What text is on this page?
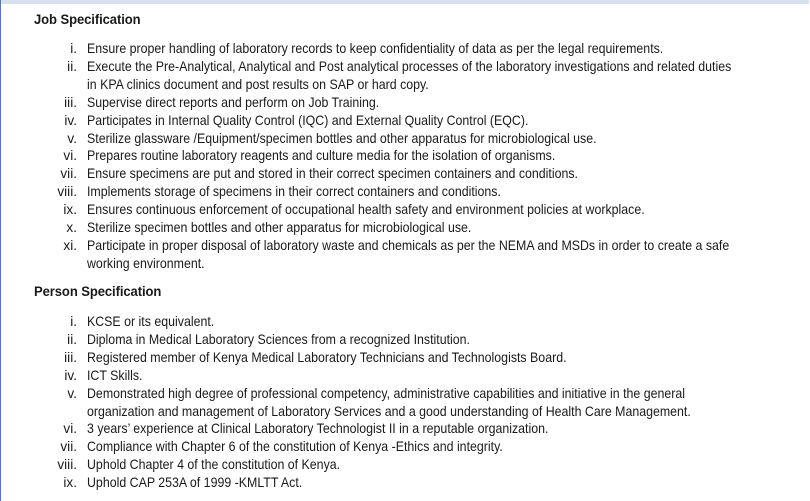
Job Specification
i. Ensure proper handling of laboratory records to keep confidentiality of data as per the legal requirements.
ii. Execute the Pre-Analytical, Analytical and Post analytical processes of the laboratory investigations and related duties
in KPA clinics document and post results on SAP or hard copy.
iii. Supervise direct reports and perform on Job Training.
iv. Participates in Internal Quality Control (IQC) and External Quality Control (EQC).
v. Sterilize glassware /Equipment/specimen bottles and other apparatus for microbiological use.
vi. Prepares routine laboratory reagents and culture media for the isolation of organisms.
vii. Ensure specimens are put and stored in their correct specimen containers and conditions.
viii. Implements storage of specimens in their correct containers and conditions.
ix. Ensures continuous enforcement of occupational health safety and environment policies at workplace.
x. Sterilize specimen bottles and other apparatus for microbiological use.
xi. Participate in proper disposal of laboratory waste and chemicals as per the NEMA and MSDs in order to create a safe
working environment.
Person Specification
i. KCSE or its equivalent.
ii. Diploma in Medical Laboratory Sciences from a recognized Institution.
iii. Registered member of Kenya Medical Laboratory Technicians and Technologists Board.
iv. ICT Skills.
v. Demonstrated high degree of professional competency, administrative capabilities and initiative in the general
organization and management of Laboratory Services and a good understanding of Health Care Management.
vi. 3 years’ experience at Clinical Laboratory Technologist II in a reputable organization.
vii. Compliance with Chapter 6 of the constitution of Kenya -Ethics and integrity.
viii. Uphold Chapter 4 of the constitution of Kenya.
ix. Uphold CAP 253A of 1999 -KMLTT Act.
